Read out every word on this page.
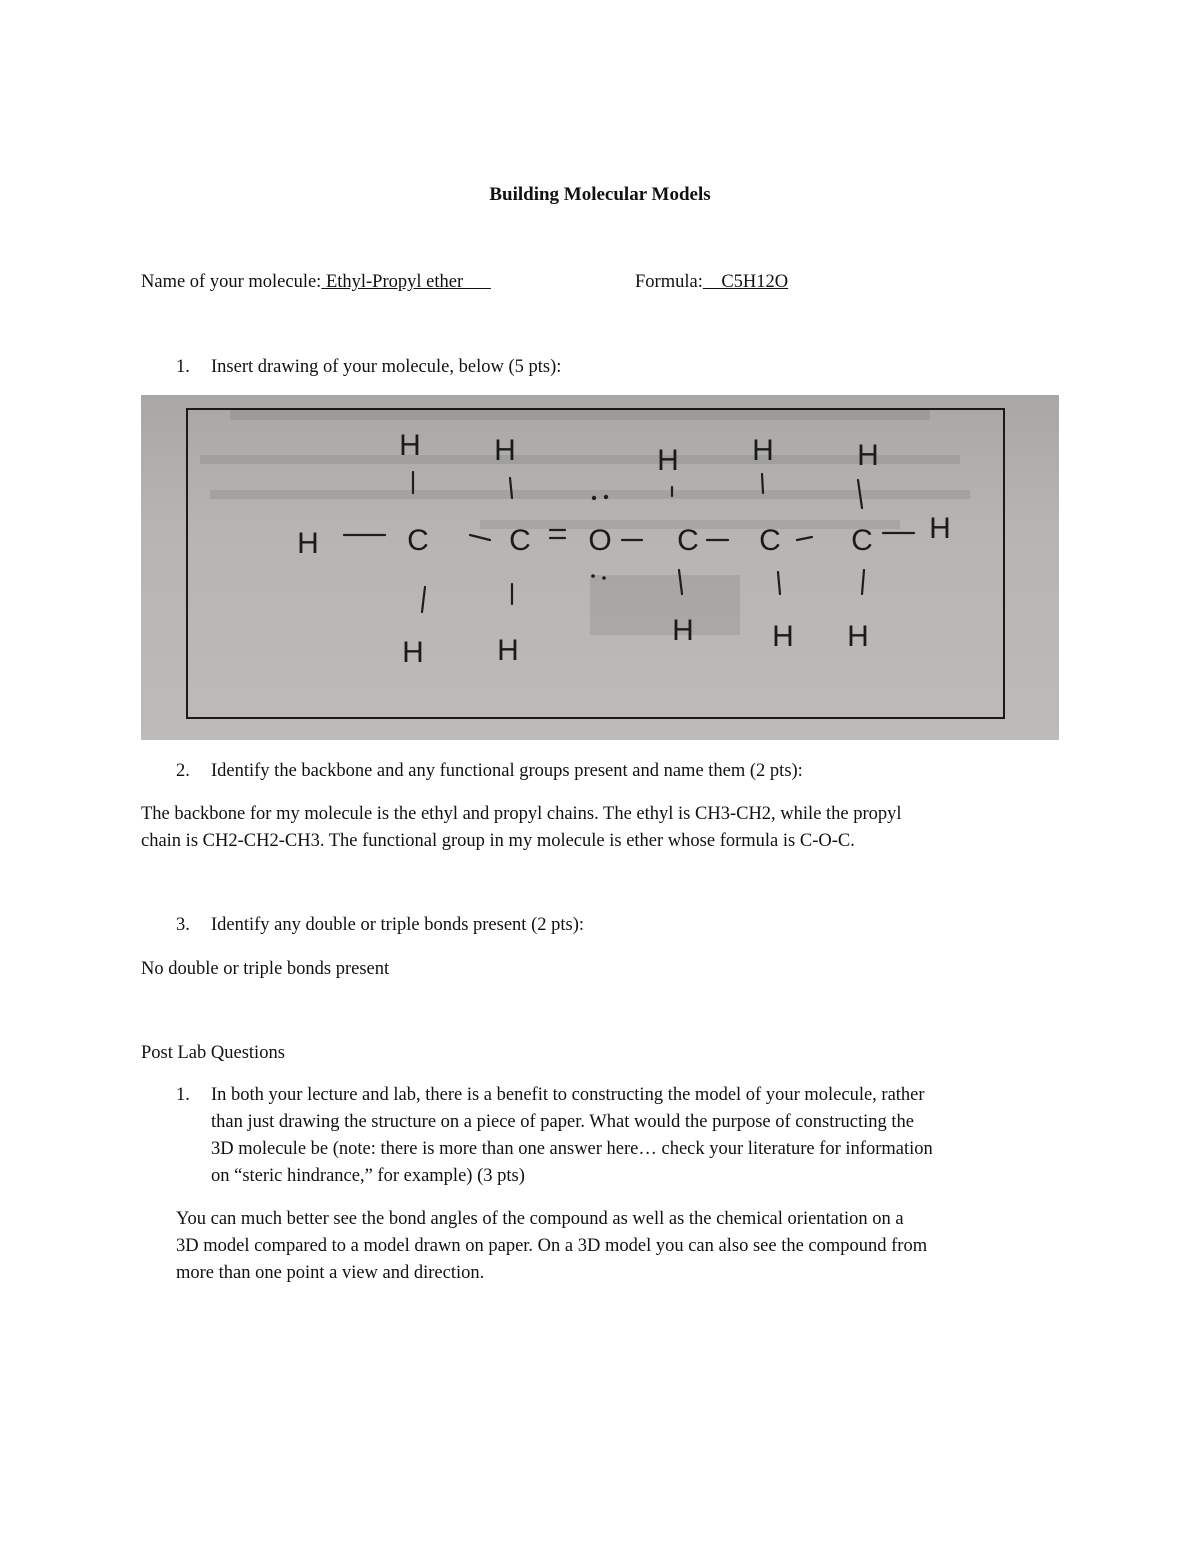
Building Molecular Models
Name of your molecule: Ethyl-Propyl ether	Formula:    C5H12O
1. Insert drawing of your molecule, below (5 pts):
H H	H H	H
H	C	C O C C C H
H H
H	H H
2. Identify the backbone and any functional groups present and name them (2 pts):
The backbone for my molecule is the ethyl and propyl chains. The ethyl is CH3-CH2, while the propyl
chain is CH2-CH2-CH3. The functional group in my molecule is ether whose formula is C-O-C.
3. Identify any double or triple bonds present (2 pts):
No double or triple bonds present
Post Lab Questions
1. In both your lecture and lab, there is a benefit to constructing the model of your molecule, rather
than just drawing the structure on a piece of paper. What would the purpose of constructing the
3D molecule be (note: there is more than one answer here… check your literature for information
on “steric hindrance,” for example) (3 pts)
You can much better see the bond angles of the compound as well as the chemical orientation on a
3D model compared to a model drawn on paper. On a 3D model you can also see the compound from
more than one point a view and direction.
